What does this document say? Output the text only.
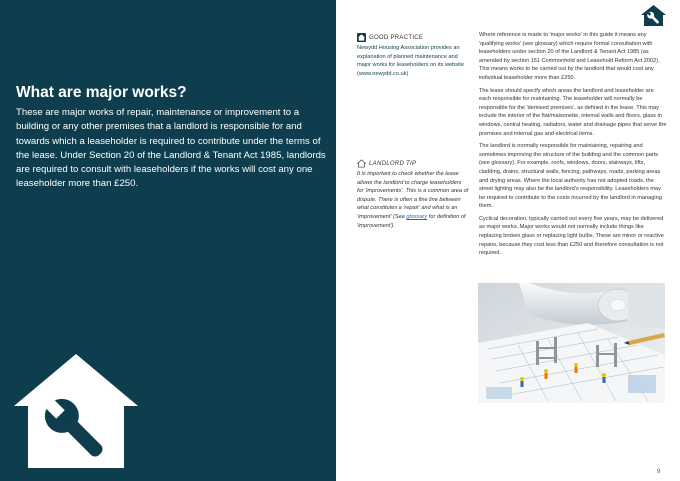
What are major works?

These are major works of repair, maintenance or improvement to a building or any other premises that a landlord is responsible for and towards which a leaseholder is required to contribute under the terms of the lease. Under Section 20 of the Landlord & Tenant Act 1985, landlords are required to consult with leaseholders if the works will cost any one leaseholder more than £250.

GOOD PRACTICE

Newydd Housing Association provides an explanation of planned maintenance and major works for leaseholders on its website (www.newydd.co.uk)

LANDLORD TIP

It is important to check whether the lease allows the landlord to charge leaseholders for 'improvements'. This is a common area of dispute. There is often a fine line between what constitutes a 'repair' and what is an 'improvement' (See glossary for definition of 'improvement').

Where reference is made to 'major works' in this guide it means any 'qualifying works' (see glossary) which require formal consultation with leaseholders under section 20 of the Landlord & Tenant Act 1985 (as amended by section 151 Commonhold and Leasehold Reform Act 2002). This means works to be carried out by the landlord that would cost any individual leaseholder more than £250.

The lease should specify which areas the landlord and leaseholder are each responsible for maintaining. The leaseholder will normally be responsible for the 'demised premises', as defined in the lease. This may include the interior of the flat/maisonette, internal walls and floors, glass in windows, central heating, radiators, water and drainage pipes that serve the premises and internal gas and electrical items.

The landlord is normally responsible for maintaining, repairing and sometimes improving the structure of the building and the common parts (see glossary). For example, roofs, windows, doors, stairways, lifts, cladding, drains, structural walls, fencing, pathways, roads, parking areas and drying areas. Where the local authority has not adopted roads, the street lighting may also be the landlord's responsibility. Leaseholders may be required to contribute to the costs incurred by the landlord in managing them.

Cyclical decoration, typically carried out every five years, may be delivered as major works. Major works would not normally include things like replacing broken glass or replacing light bulbs. These are minor or reactive repairs, because they cost less than £250 and therefore consultation is not required.

9
